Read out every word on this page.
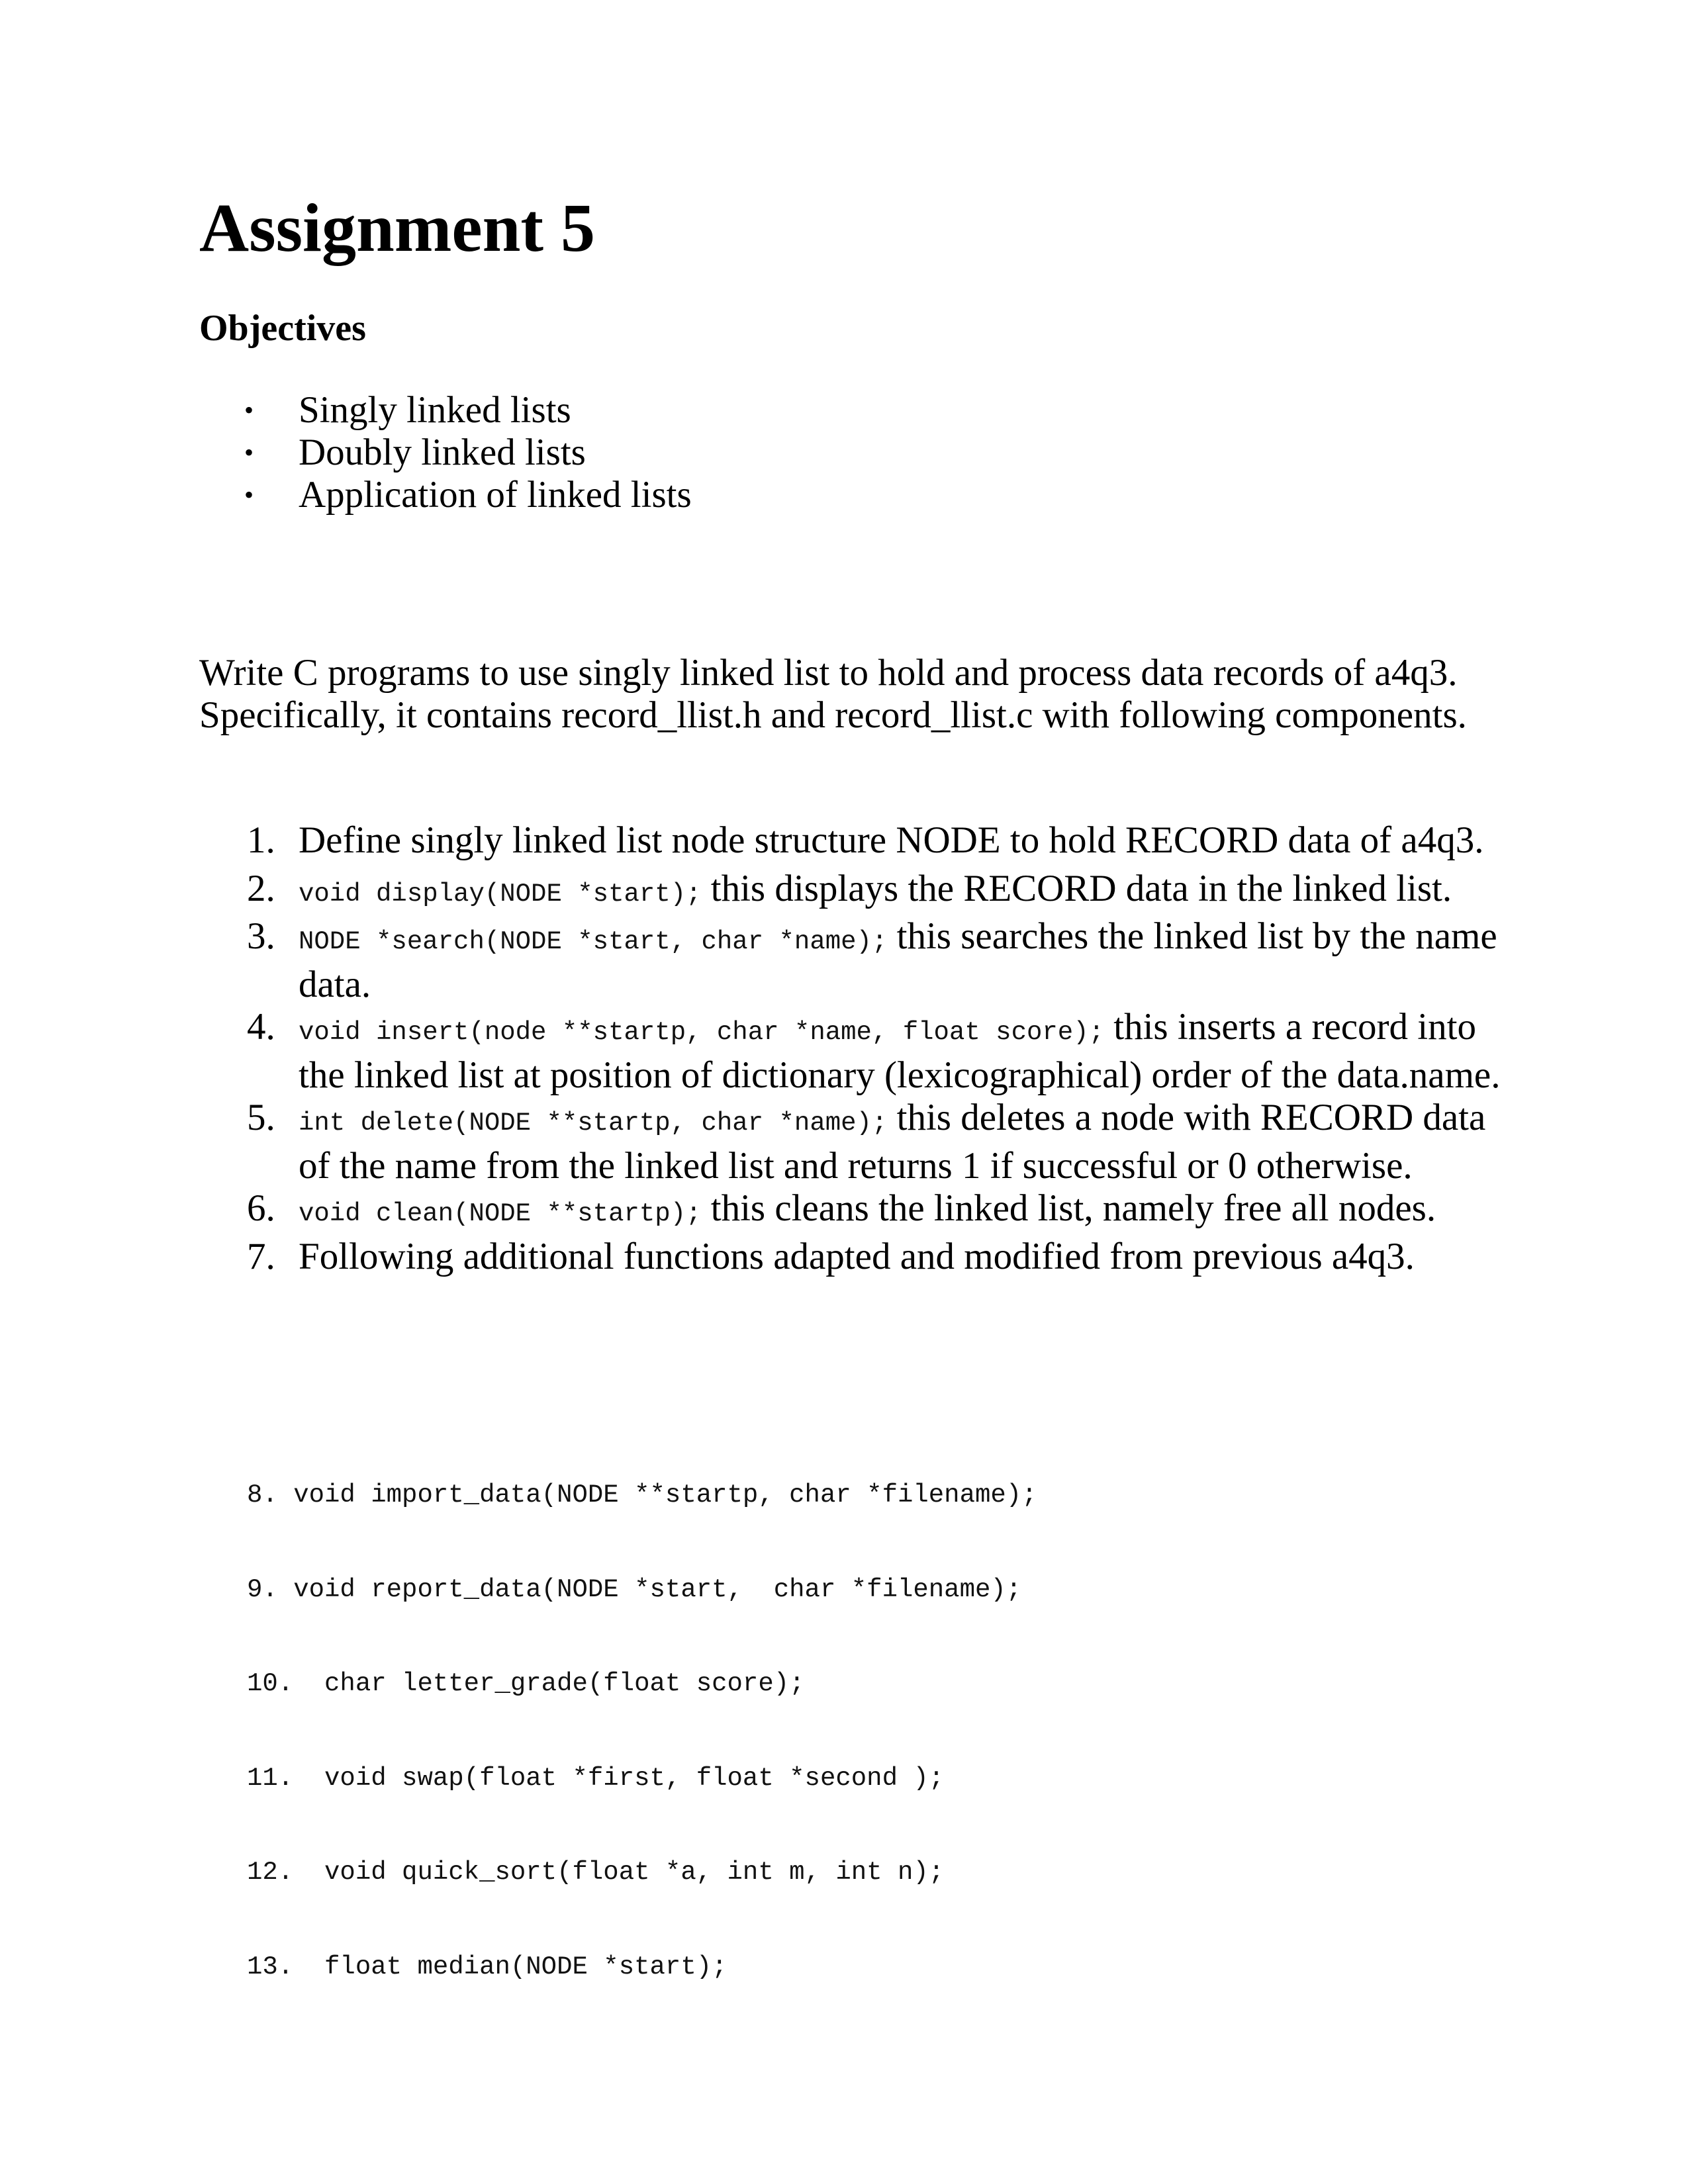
Assignment 5
Objectives
• Singly linked lists
• Doubly linked lists
• Application of linked lists

Write C programs to use singly linked list to hold and process data records of a4q3. Specifically, it contains record_llist.h and record_llist.c with following components.

1. Define singly linked list node structure NODE to hold RECORD data of a4q3.
2. void display(NODE *start); this displays the RECORD data in the linked list.
3. NODE *search(NODE *start, char *name); this searches the linked list by the name data.
4. void insert(node **startp, char *name, float score); this inserts a record into the linked list at position of dictionary (lexicographical) order of the data.name.
5. int delete(NODE **startp, char *name); this deletes a node with RECORD data of the name from the linked list and returns 1 if successful or 0 otherwise.
6. void clean(NODE **startp); this cleans the linked list, namely free all nodes.
7. Following additional functions adapted and modified from previous a4q3.

8. void import_data(NODE **startp, char *filename);

9. void report_data(NODE *start,  char *filename);

10.  char letter_grade(float score);

11.  void swap(float *first, float *second );

12.  void quick_sort(float *a, int m, int n);

13.  float median(NODE *start);
